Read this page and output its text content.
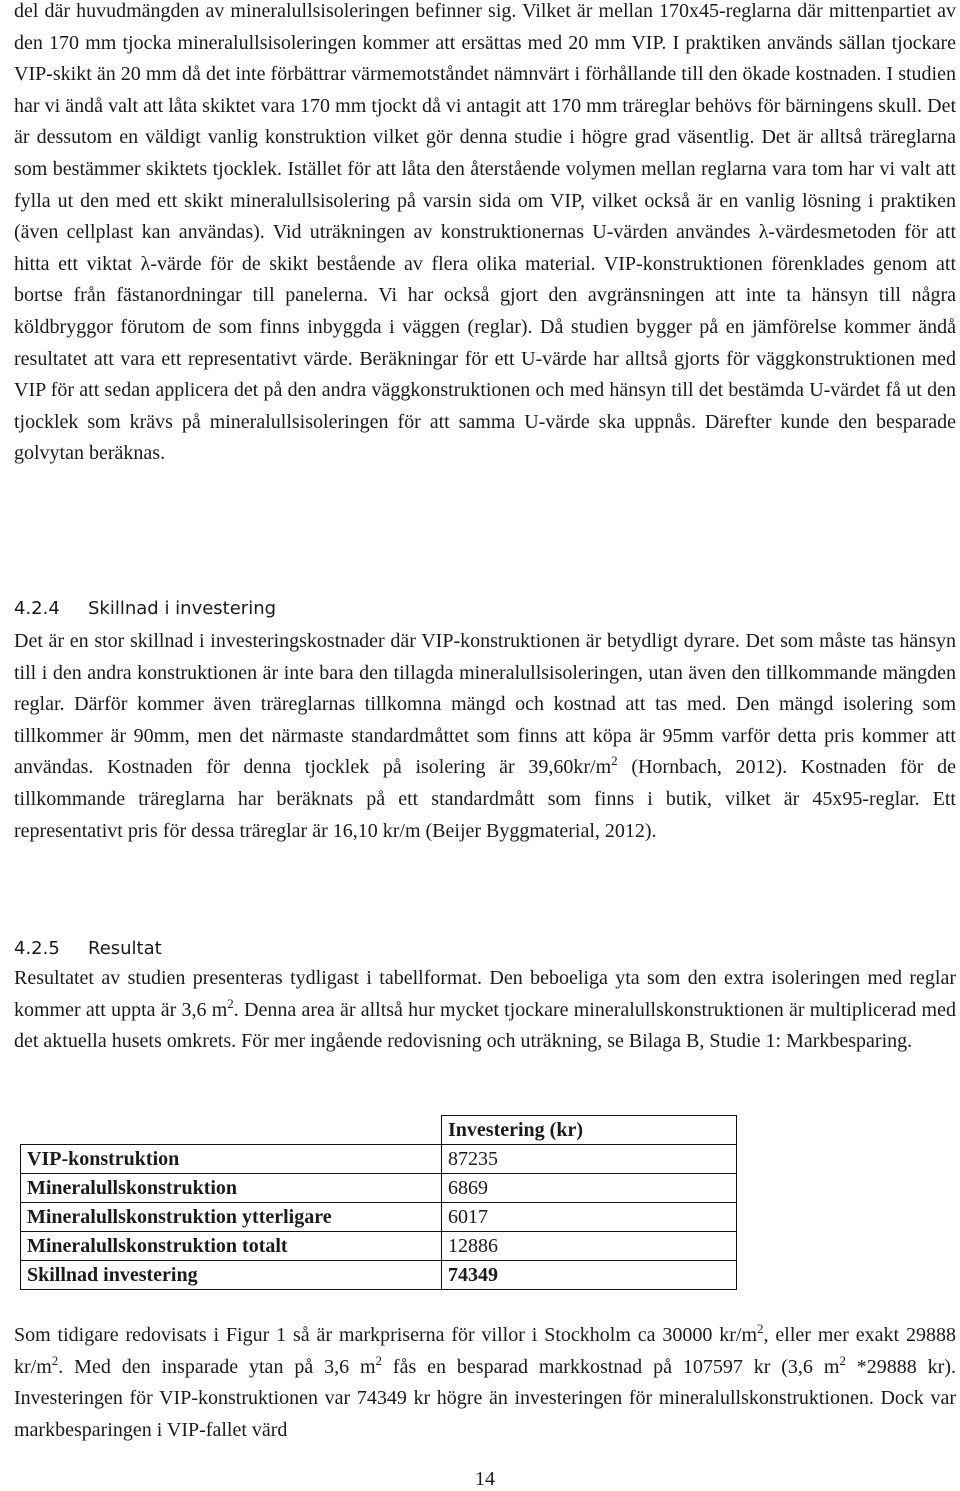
del där huvudmängden av mineralullsisoleringen befinner sig. Vilket är mellan 170x45-reglarna där mittenpartiet av den 170 mm tjocka mineralullsisoleringen kommer att ersättas med 20 mm VIP. I praktiken används sällan tjockare VIP-skikt än 20 mm då det inte förbättrar värmemotståndet nämnvärt i förhållande till den ökade kostnaden. I studien har vi ändå valt att låta skiktet vara 170 mm tjockt då vi antagit att 170 mm träreglar behövs för bärningens skull. Det är dessutom en väldigt vanlig konstruktion vilket gör denna studie i högre grad väsentlig. Det är alltså träreglarna som bestämmer skiktets tjocklek. Istället för att låta den återstående volymen mellan reglarna vara tom har vi valt att fylla ut den med ett skikt mineralullsisolering på varsin sida om VIP, vilket också är en vanlig lösning i praktiken (även cellplast kan användas). Vid uträkningen av konstruktionernas U-värden användes λ-värdesmetoden för att hitta ett viktat λ-värde för de skikt bestående av flera olika material. VIP-konstruktionen förenklades genom att bortse från fästanordningar till panelerna. Vi har också gjort den avgränsningen att inte ta hänsyn till några köldbryggor förutom de som finns inbyggda i väggen (reglar). Då studien bygger på en jämförelse kommer ändå resultatet att vara ett representativt värde. Beräkningar för ett U-värde har alltså gjorts för väggkonstruktionen med VIP för att sedan applicera det på den andra väggkonstruktionen och med hänsyn till det bestämda U-värdet få ut den tjocklek som krävs på mineralullsisoleringen för att samma U-värde ska uppnås. Därefter kunde den besparade golvytan beräknas.

4.2.4 Skillnad i investering

Det är en stor skillnad i investeringskostnader där VIP-konstruktionen är betydligt dyrare. Det som måste tas hänsyn till i den andra konstruktionen är inte bara den tillagda mineralullsisoleringen, utan även den tillkommande mängden reglar. Därför kommer även träreglarnas tillkomna mängd och kostnad att tas med. Den mängd isolering som tillkommer är 90mm, men det närmaste standardmåttet som finns att köpa är 95mm varför detta pris kommer att användas. Kostnaden för denna tjocklek på isolering är $39,60kr/m^2$ (Hornbach, 2012). Kostnaden för de tillkommande träreglarna har beräknats på ett standardmått som finns i butik, vilket är 45x95-reglar. Ett representativt pris för dessa träreglar är 16,10 kr/m (Beijer Byggmaterial, 2012).

4.2.5 Resultat

Resultatet av studien presenteras tydligast i tabellformat. Den beboeliga yta som den extra isoleringen med reglar kommer att uppta är 3,6 $m^2$. Denna area är alltså hur mycket tjockare mineralullskonstruktionen är multiplicerad med det aktuella husets omkrets. För mer ingående redovisning och uträkning, se Bilaga B, Studie 1: Markbesparing.

	Investering (kr)
VIP-konstruktion	87235
Mineralullskonstruktion	6869
Mineralullskonstruktion ytterligare	6017
Mineralullskonstruktion totalt	12886
Skillnad investering	74349

Som tidigare redovisats i Figur 1 så är markpriserna för villor i Stockholm ca 30000 $kr/m^2$, eller mer exakt 29888 $kr/m^2$. Med den insparade ytan på 3,6 $m^2$ fås en besparad markkostnad på 107597 kr (3,6 $m^2$ *29888 kr). Investeringen för VIP-konstruktionen var 74349 kr högre än investeringen för mineralullskonstruktionen. Dock var markbesparingen i VIP-fallet värd

14
